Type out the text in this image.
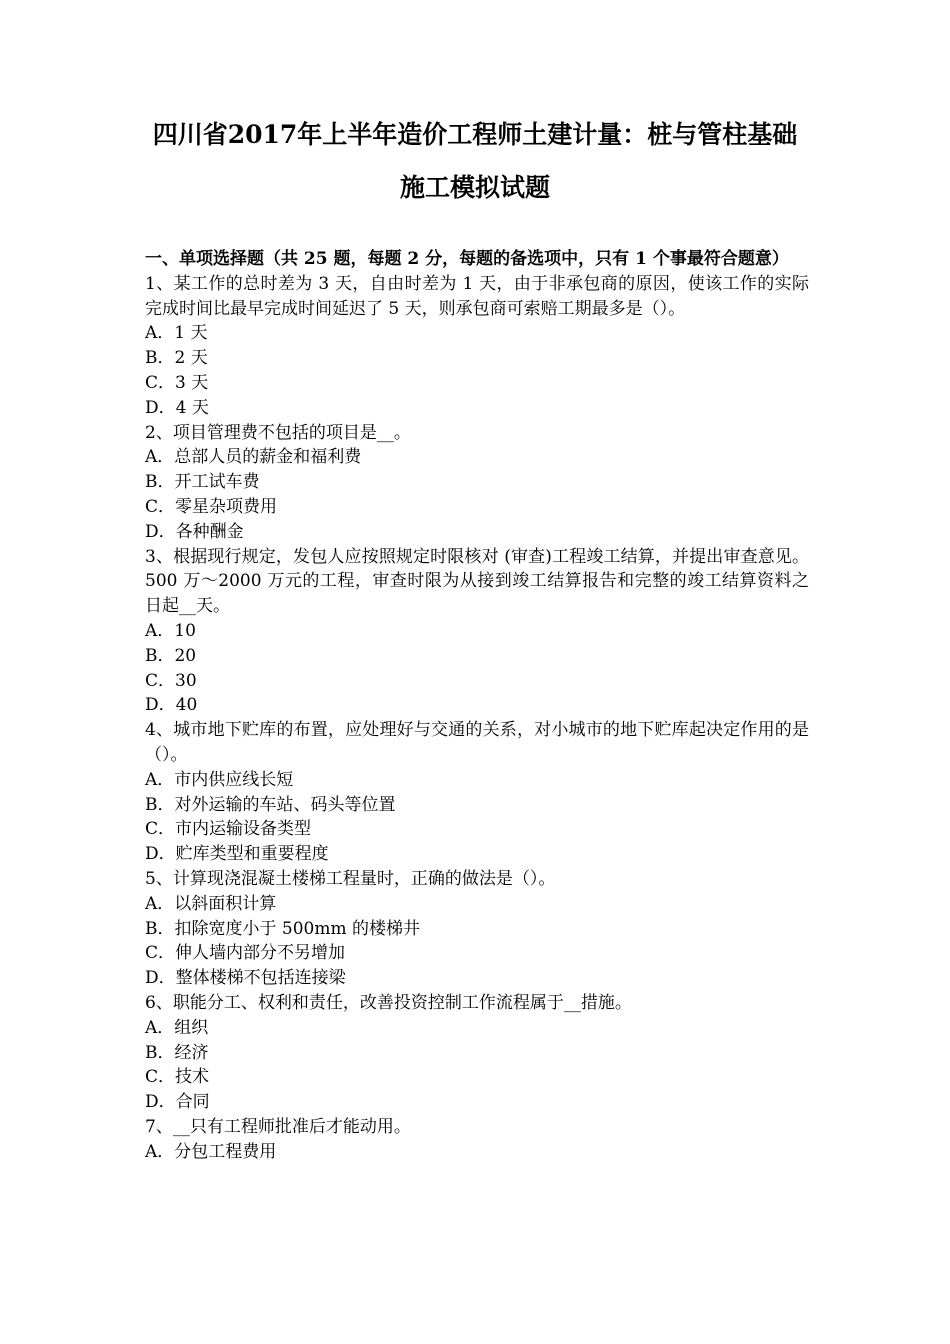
四川省2017年上半年造价工程师土建计量：桩与管柱基础
施工模拟试题

一、单项选择题（共 25 题，每题 2 分，每题的备选项中，只有 1 个事最符合题意）

1、某工作的总时差为 3 天，自由时差为 1 天，由于非承包商的原因，使该工作的实际完成时间比最早完成时间延迟了 5 天，则承包商可索赔工期最多是（）。

A．1 天

B．2 天

C．3 天

D．4 天

2、项目管理费不包括的项目是__。

A．总部人员的薪金和福利费

B．开工试车费

C．零星杂项费用

D．各种酬金

3、根据现行规定，发包人应按照规定时限核对 (审查)工程竣工结算，并提出审查意见。500 万～2000 万元的工程，审查时限为从接到竣工结算报告和完整的竣工结算资料之日起__天。

A．10

B．20

C．30

D．40

4、城市地下贮库的布置，应处理好与交通的关系，对小城市的地下贮库起决定作用的是（）。

A．市内供应线长短

B．对外运输的车站、码头等位置

C．市内运输设备类型

D．贮库类型和重要程度

5、计算现浇混凝土楼梯工程量时，正确的做法是（）。

A．以斜面积计算

B．扣除宽度小于 500mm 的楼梯井

C．伸人墙内部分不另增加

D．整体楼梯不包括连接梁

6、职能分工、权利和责任，改善投资控制工作流程属于__措施。

A．组织

B．经济

C．技术

D．合同

7、__只有工程师批准后才能动用。

A．分包工程费用
